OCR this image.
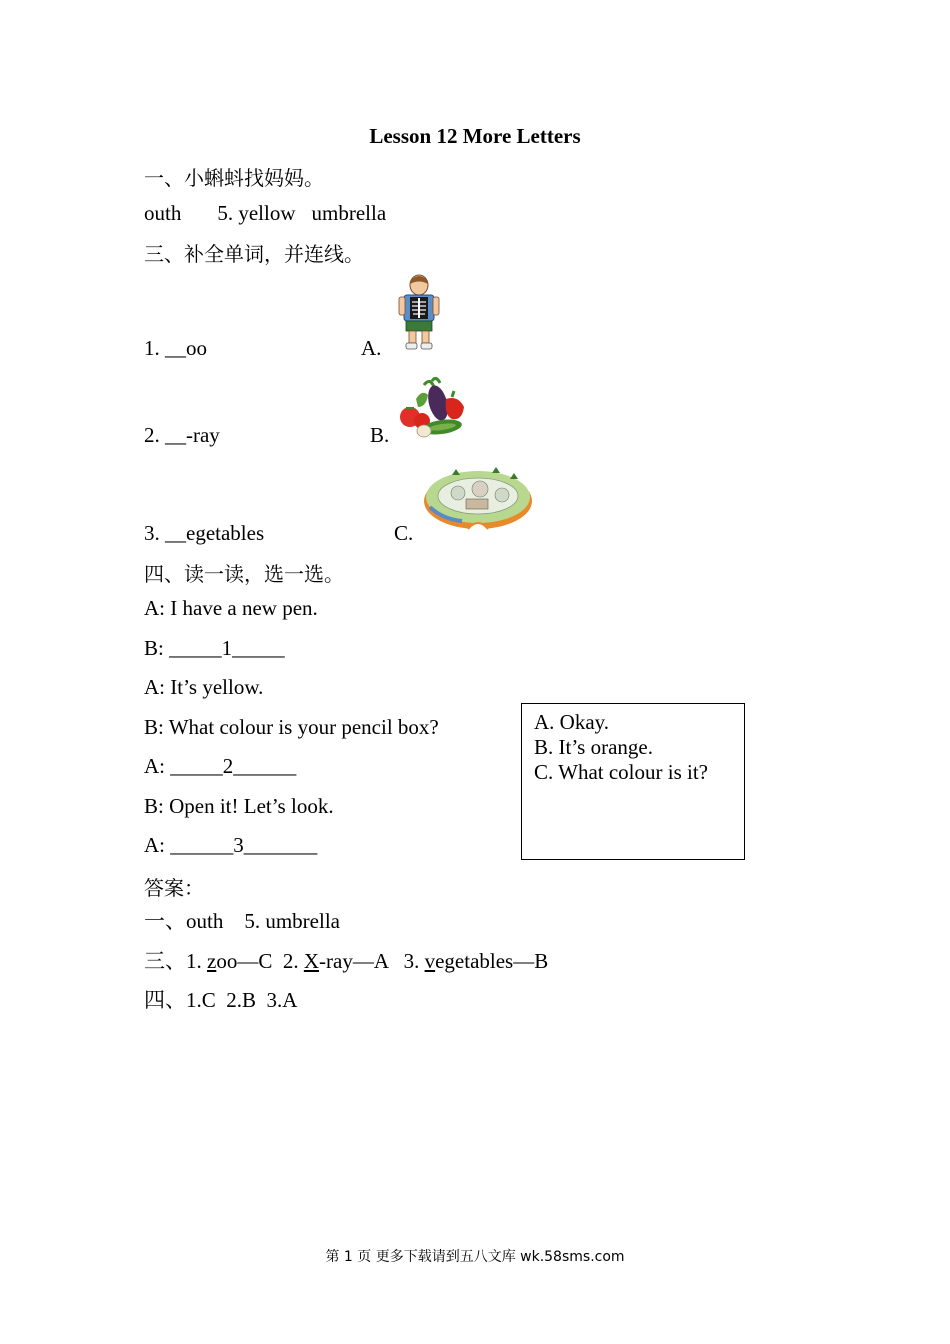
Lesson 12 More Letters
一、小蝌蚪找妈妈。
outh 5. yellow umbrella
三、补全单词，并连线。
1. __oo	A.
2. __-ray	B.
3. __egetables	C.
四、读一读，选一选。
A: I have a new pen.
B: _____1_____
A: It’s yellow.
B: What colour is your pencil box?
A: _____2______
B: Open it! Let’s look.
A: ______3_______
A. Okay.
B. It’s orange.
C. What colour is it?
答案：
一、outh    5. umbrella
三、1. zoo—C  2. X-ray—A   3. vegetables—B
四、1.C  2.B  3.A
第 1 页 更多下载请到五八文库 wk.58sms.com
